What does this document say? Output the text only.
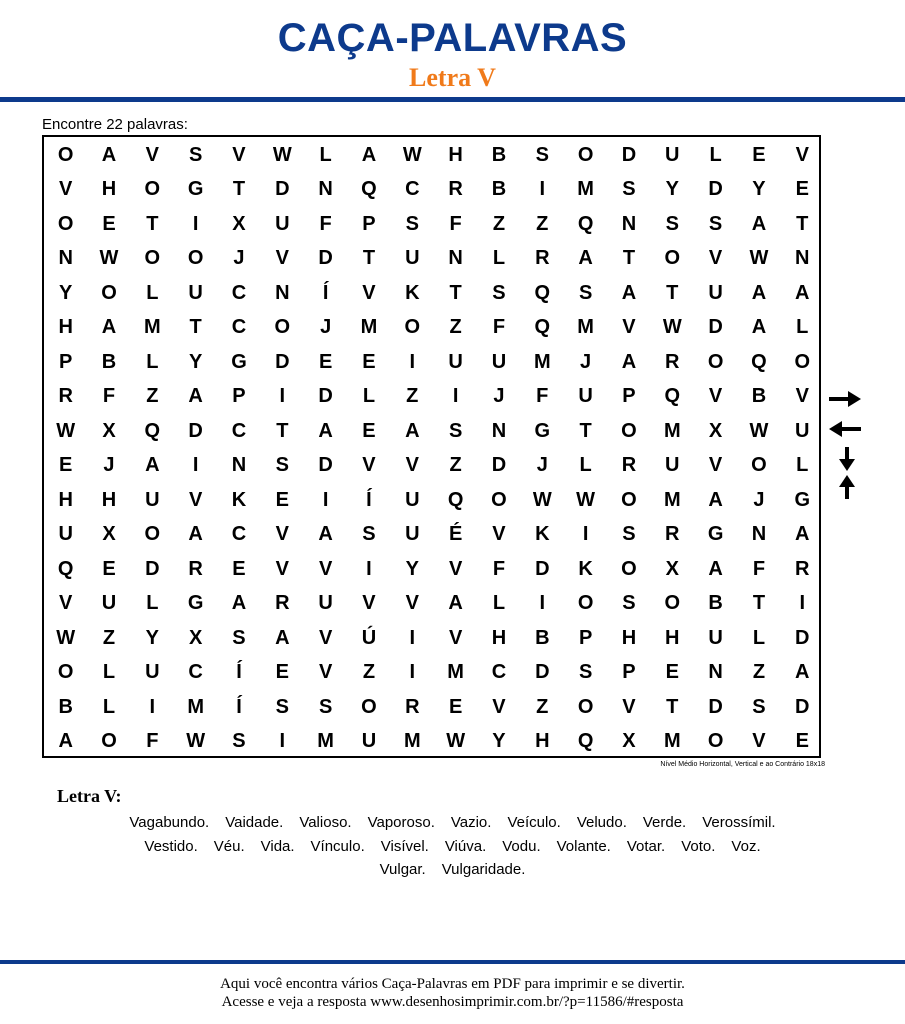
CAÇA-PALAVRAS
Letra V
Encontre 22 palavras:
O	A	V	S	V	W	L	A	W	H	B	S	O	D	U	L	E	V
V	H	O	G	T	D	N	Q	C	R	B	I	M	S	Y	D	Y	E
O	E	T	I	X	U	F	P	S	F	Z	Z	Q	N	S	S	A	T
N	W	O	O	J	V	D	T	U	N	L	R	A	T	O	V	W	N
Y	O	L	U	C	N	Í	V	K	T	S	Q	S	A	T	U	A	A
H	A	M	T	C	O	J	M	O	Z	F	Q	M	V	W	D	A	L
P	B	L	Y	G	D	E	E	I	U	U	M	J	A	R	O	Q	O
R	F	Z	A	P	I	D	L	Z	I	J	F	U	P	Q	V	B	V
W	X	Q	D	C	T	A	E	A	S	N	G	T	O	M	X	W	U
E	J	A	I	N	S	D	V	V	Z	D	J	L	R	U	V	O	L
H	H	U	V	K	E	I	Í	U	Q	O	W	W	O	M	A	J	G
U	X	O	A	C	V	A	S	U	É	V	K	I	S	R	G	N	A
Q	E	D	R	E	V	V	I	Y	V	F	D	K	O	X	A	F	R
V	U	L	G	A	R	U	V	V	A	L	I	O	S	O	B	T	I
W	Z	Y	X	S	A	V	Ú	I	V	H	B	P	H	H	U	L	D
O	L	U	C	Í	E	V	Z	I	M	C	D	S	P	E	N	Z	A
B	L	I	M	Í	S	S	O	R	E	V	Z	O	V	T	D	S	D
A	O	F	W	S	I	M	U	M	W	Y	H	Q	X	M	O	V	E
Nível Médio Horizontal, Vertical e ao Contrário 18x18
Letra V:
Vagabundo. Vaidade. Valioso. Vaporoso. Vazio. Veículo. Veludo. Verde. Verossímil.
Vestido. Véu. Vida. Vínculo. Visível. Viúva. Vodu. Volante. Votar. Voto. Voz.
Vulgar. Vulgaridade.
Aqui você encontra vários Caça-Palavras em PDF para imprimir e se divertir.
Acesse e veja a resposta www.desenhosimprimir.com.br/?p=11586/#resposta
